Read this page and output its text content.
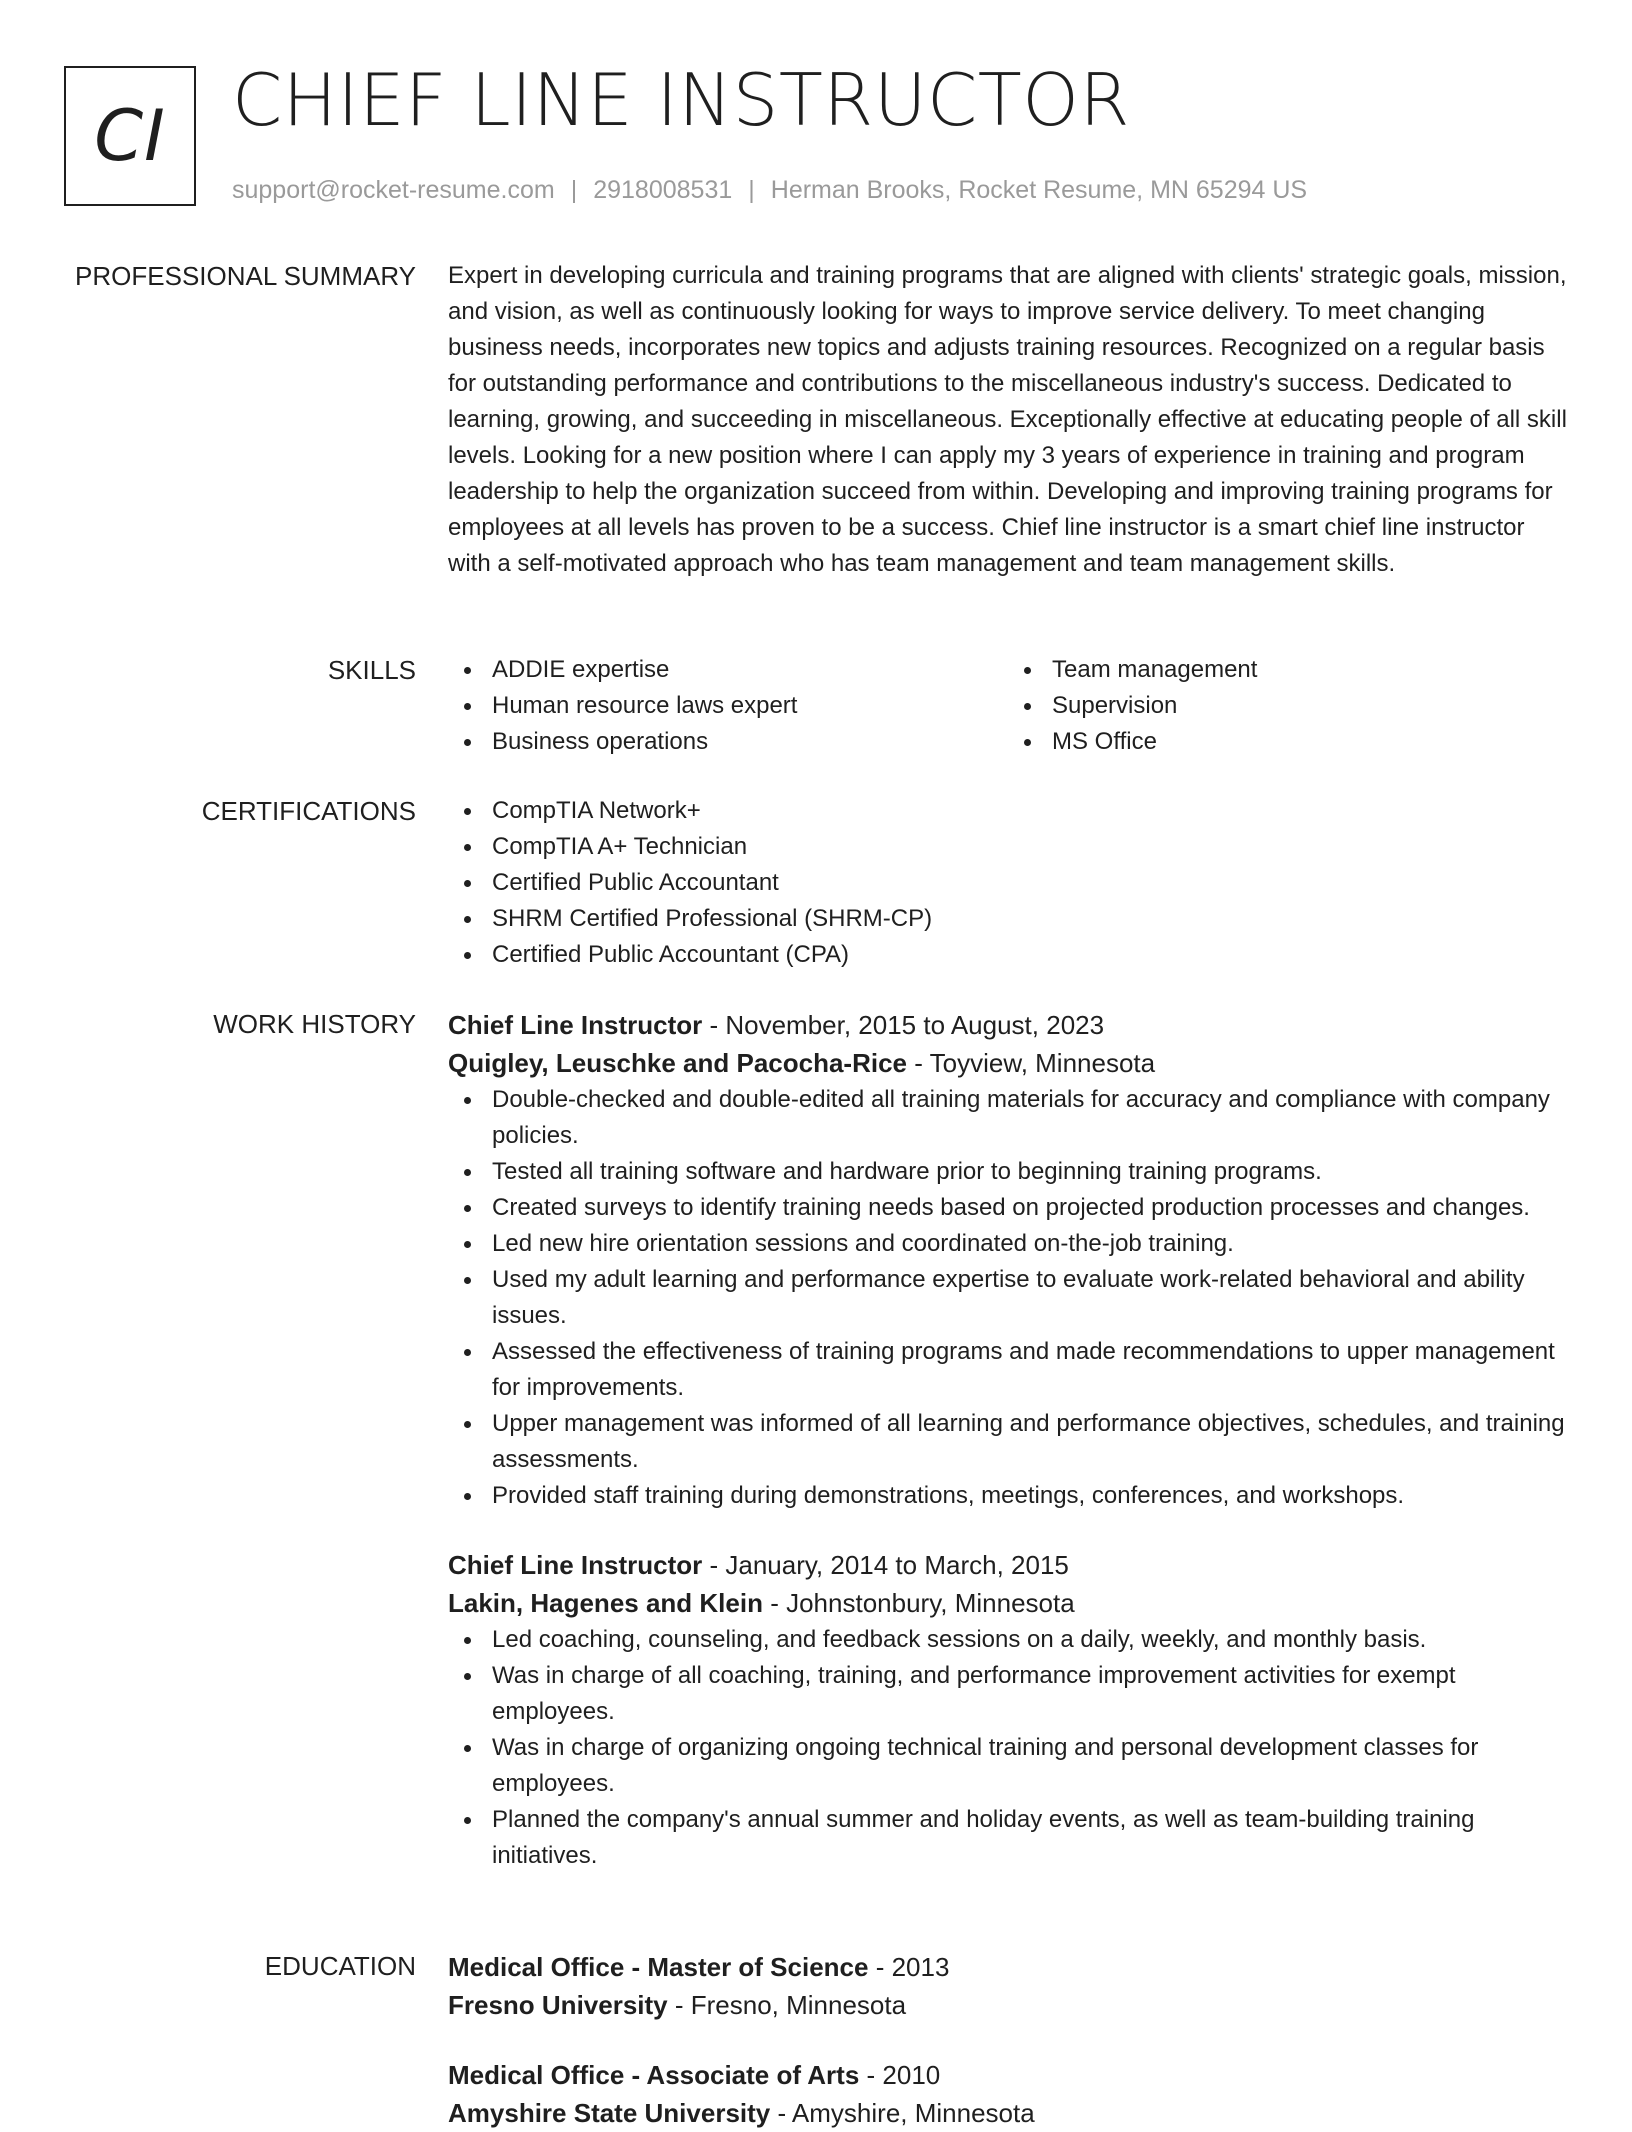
CI CHIEF LINE INSTRUCTOR
support@rocket-resume.com | 2918008531 | Herman Brooks, Rocket Resume, MN 65294 US
PROFESSIONAL SUMMARY Expert in developing curricula and training programs that are aligned with clients' strategic goals, mission, and vision, as well as continuously looking for ways to improve service delivery. To meet changing business needs, incorporates new topics and adjusts training resources. Recognized on a regular basis for outstanding performance and contributions to the miscellaneous industry's success. Dedicated to learning, growing, and succeeding in miscellaneous. Exceptionally effective at educating people of all skill levels. Looking for a new position where I can apply my 3 years of experience in training and program leadership to help the organization succeed from within. Developing and improving training programs for employees at all levels has proven to be a success. Chief line instructor is a smart chief line instructor with a self-motivated approach who has team management and team management skills.

SKILLS	ADDIE expertise
Human resource laws expert
Business operations
Team management
Supervision
MS Office
CERTIFICATIONS	CompTIA Network+
CompTIA A+ Technician
Certified Public Accountant
SHRM Certified Professional (SHRM-CP)
Certified Public Accountant (CPA)
WORK HISTORY Chief Line Instructor - November, 2015 to August, 2023
Quigley, Leuschke and Pacocha-Rice - Toyview, Minnesota
Double-checked and double-edited all training materials for accuracy and compliance with company policies.
Tested all training software and hardware prior to beginning training programs.
Created surveys to identify training needs based on projected production processes and changes.
Led new hire orientation sessions and coordinated on-the-job training.
Used my adult learning and performance expertise to evaluate work-related behavioral and ability issues.
Assessed the effectiveness of training programs and made recommendations to upper management for improvements.
Upper management was informed of all learning and performance objectives, schedules, and training assessments.
Provided staff training during demonstrations, meetings, conferences, and workshops.
Chief Line Instructor - January, 2014 to March, 2015
Lakin, Hagenes and Klein - Johnstonbury, Minnesota
Led coaching, counseling, and feedback sessions on a daily, weekly, and monthly basis.
Was in charge of all coaching, training, and performance improvement activities for exempt employees.
Was in charge of organizing ongoing technical training and personal development classes for employees.
Planned the company's annual summer and holiday events, as well as team-building training initiatives.
EDUCATION Medical Office - Master of Science - 2013
Fresno University - Fresno, Minnesota
Medical Office - Associate of Arts - 2010
Amyshire State University - Amyshire, Minnesota
